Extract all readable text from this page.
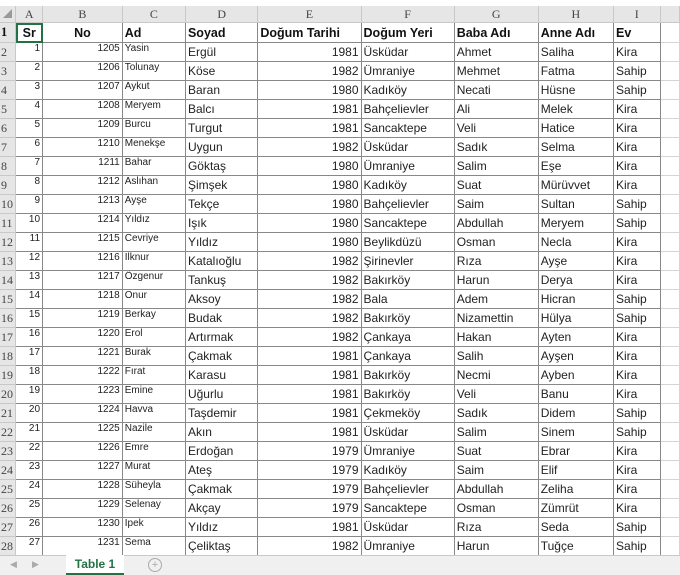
	A	B	C	D	E	F	G	H	I	
1	Sr	No	Ad	Soyad	Doğum Tarihi	Doğum Yeri	Baba Adı	Anne Adı	Ev	
2	1	1205	Yasin	Ergül	1981	Üsküdar	Ahmet	Saliha	Kira	
3	2	1206	Tolunay	Köse	1982	Ümraniye	Mehmet	Fatma	Sahip	
4	3	1207	Aykut	Baran	1980	Kadıköy	Necati	Hüsne	Sahip	
5	4	1208	Meryem	Balcı	1981	Bahçelievler	Ali	Melek	Kira	
6	5	1209	Burcu	Turgut	1981	Sancaktepe	Veli	Hatice	Kira	
7	6	1210	Menekşe	Uygun	1982	Üsküdar	Sadık	Selma	Kira	
8	7	1211	Bahar	Göktaş	1980	Ümraniye	Salim	Eşe	Kira	
9	8	1212	Aslıhan	Şimşek	1980	Kadıköy	Suat	Mürüvvet	Kira	
10	9	1213	Ayşe	Tekçe	1980	Bahçelievler	Saim	Sultan	Sahip	
11	10	1214	Yıldız	Işık	1980	Sancaktepe	Abdullah	Meryem	Sahip	
12	11	1215	Cevriye	Yıldız	1980	Beylikdüzü	Osman	Necla	Kira	
13	12	1216	İlknur	Katalıoğlu	1982	Şirinevler	Rıza	Ayşe	Kira	
14	13	1217	Özgenur	Tankuş	1982	Bakırköy	Harun	Derya	Kira	
15	14	1218	Onur	Aksoy	1982	Bala	Adem	Hicran	Sahip	
16	15	1219	Berkay	Budak	1982	Bakırköy	Nizamettin	Hülya	Sahip	
17	16	1220	Erol	Artırmak	1982	Çankaya	Hakan	Ayten	Kira	
18	17	1221	Burak	Çakmak	1981	Çankaya	Salih	Ayşen	Kira	
19	18	1222	Fırat	Karasu	1981	Bakırköy	Necmi	Ayben	Kira	
20	19	1223	Emine	Uğurlu	1981	Bakırköy	Veli	Banu	Kira	
21	20	1224	Havva	Taşdemir	1981	Çekmeköy	Sadık	Didem	Sahip	
22	21	1225	Nazile	Akın	1981	Üsküdar	Salim	Sinem	Sahip	
23	22	1226	Emre	Erdoğan	1979	Ümraniye	Suat	Ebrar	Kira	
24	23	1227	Murat	Ateş	1979	Kadıköy	Saim	Elif	Kira	
25	24	1228	Süheyla	Çakmak	1979	Bahçelievler	Abdullah	Zeliha	Kira	
26	25	1229	Selenay	Akçay	1979	Sancaktepe	Osman	Zümrüt	Kira	
27	26	1230	İpek	Yıldız	1981	Üsküdar	Rıza	Seda	Sahip	
28	27	1231	Sema	Çeliktaş	1982	Ümraniye	Harun	Tuğçe	Sahip	
◀ ▶	Table 1	+
